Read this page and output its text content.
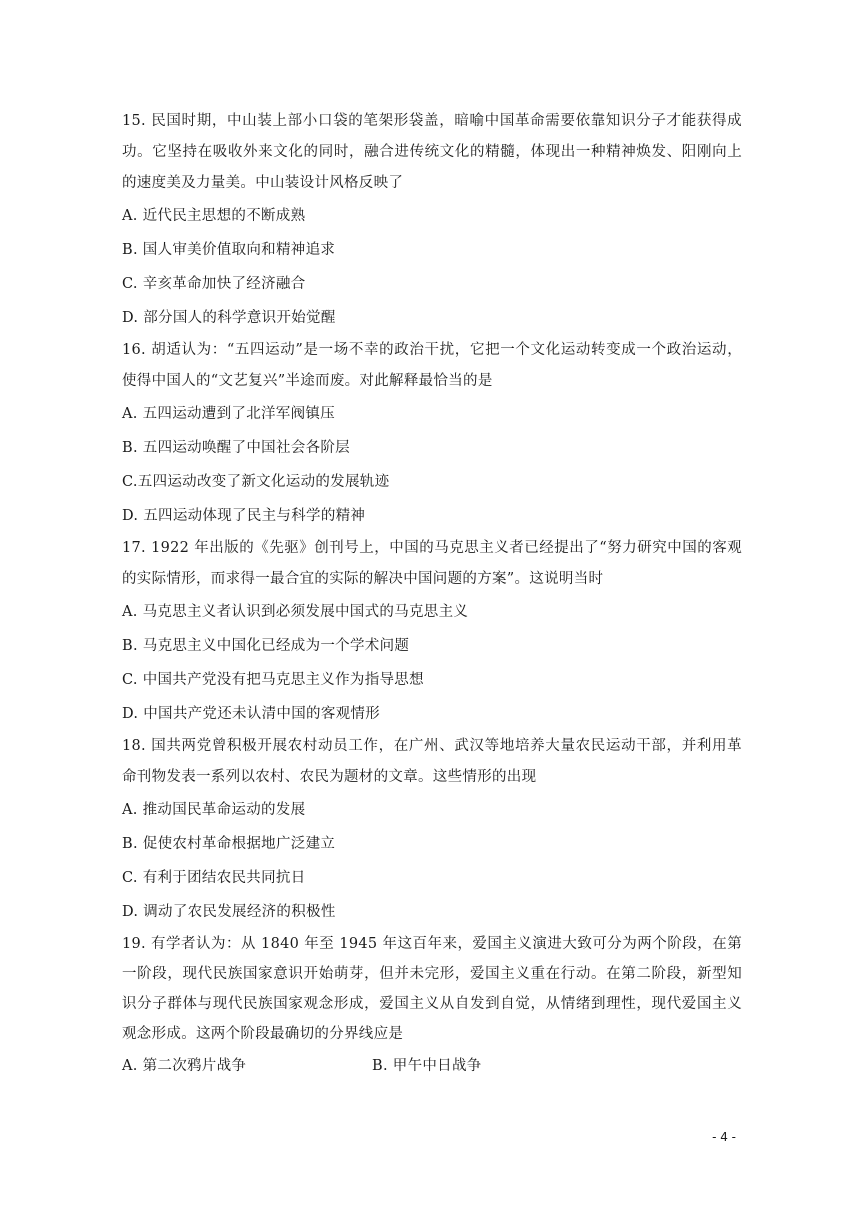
15. 民国时期，中山装上部小口袋的笔架形袋盖，暗喻中国革命需要依靠知识分子才能获得成功。它坚持在吸收外来文化的同时，融合进传统文化的精髓，体现出一种精神焕发、阳刚向上的速度美及力量美。中山装设计风格反映了

A. 近代民主思想的不断成熟

B. 国人审美价值取向和精神追求

C. 辛亥革命加快了经济融合

D. 部分国人的科学意识开始觉醒

16. 胡适认为：“五四运动”是一场不幸的政治干扰，它把一个文化运动转变成一个政治运动，使得中国人的“文艺复兴”半途而废。对此解释最恰当的是

A. 五四运动遭到了北洋军阀镇压

B. 五四运动唤醒了中国社会各阶层

C.五四运动改变了新文化运动的发展轨迹

D. 五四运动体现了民主与科学的精神

17. 1922 年出版的《先驱》创刊号上，中国的马克思主义者已经提出了“努力研究中国的客观的实际情形，而求得一最合宜的实际的解决中国问题的方案”。这说明当时

A. 马克思主义者认识到必须发展中国式的马克思主义

B. 马克思主义中国化已经成为一个学术问题

C. 中国共产党没有把马克思主义作为指导思想

D. 中国共产党还未认清中国的客观情形

18. 国共两党曾积极开展农村动员工作，在广州、武汉等地培养大量农民运动干部，并利用革命刊物发表一系列以农村、农民为题材的文章。这些情形的出现

A. 推动国民革命运动的发展

B. 促使农村革命根据地广泛建立

C. 有利于团结农民共同抗日

D. 调动了农民发展经济的积极性

19. 有学者认为：从 1840 年至 1945 年这百年来，爱国主义演进大致可分为两个阶段，在第一阶段，现代民族国家意识开始萌芽，但并未完形，爱国主义重在行动。在第二阶段，新型知识分子群体与现代民族国家观念形成，爱国主义从自发到自觉，从情绪到理性，现代爱国主义观念形成。这两个阶段最确切的分界线应是

A. 第二次鸦片战争	B. 甲午中日战争

- 4 -
